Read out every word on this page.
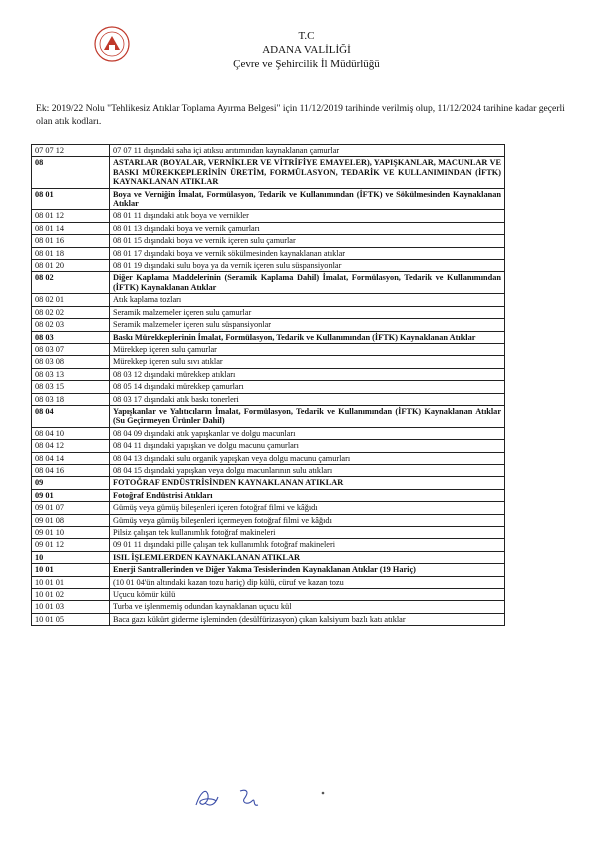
T.C
ADANA VALİLİĞİ
Çevre ve Şehircilik İl Müdürlüğü
Ek: 2019/22 Nolu "Tehlikesiz Atıklar Toplama Ayırma Belgesi" için 11/12/2019 tarihinde verilmiş olup, 11/12/2024 tarihine kadar geçerli olan atık kodları.
07 07 12	07 07 11 dışındaki saha içi atıksu arıtımından kaynaklanan çamurlar
08	ASTARLAR (BOYALAR, VERNİKLER VE VİTRİFİYE EMAYELER), YAPIŞKANLAR, MACUNLAR VE BASKI MÜREKKEPLERİNİN ÜRETİM, FORMÜLASYON, TEDARİK VE KULLANIMINDAN (İFTK) KAYNAKLANAN ATIKLAR
08 01	Boya ve Verniğin İmalat, Formülasyon, Tedarik ve Kullanımından (İFTK) ve Sökülmesinden Kaynaklanan Atıklar
08 01 12	08 01 11 dışındaki atık boya ve vernikler
08 01 14	08 01 13 dışındaki boya ve vernik çamurları
08 01 16	08 01 15 dışındaki boya ve vernik içeren sulu çamurlar
08 01 18	08 01 17 dışındaki boya ve vernik sökülmesinden kaynaklanan atıklar
08 01 20	08 01 19 dışındaki sulu boya ya da vernik içeren sulu süspansiyonlar
08 02	Diğer Kaplama Maddelerinin (Seramik Kaplama Dahil) İmalat, Formülasyon, Tedarik ve Kullanımından (İFTK) Kaynaklanan Atıklar
08 02 01	Atık kaplama tozları
08 02 02	Seramik malzemeler içeren sulu çamurlar
08 02 03	Seramik malzemeler içeren sulu süspansiyonlar
08 03	Baskı Mürekkeplerinin İmalat, Formülasyon, Tedarik ve Kullanımından (İFTK) Kaynaklanan Atıklar
08 03 07	Mürekkep içeren sulu çamurlar
08 03 08	Mürekkep içeren sulu sıvı atıklar
08 03 13	08 03 12 dışındaki mürekkep atıkları
08 03 15	08 05 14 dışındaki mürekkep çamurları
08 03 18	08 03 17 dışındaki atık baskı tonerleri
08 04	Yapışkanlar ve Yalıtıcıların İmalat, Formülasyon, Tedarik ve Kullanımından (İFTK) Kaynaklanan Atıklar (Su Geçirmeyen Ürünler Dahil)
08 04 10	08 04 09 dışındaki atık yapışkanlar ve dolgu macunları
08 04 12	08 04 11 dışındaki yapışkan ve dolgu macunu çamurları
08 04 14	08 04 13 dışındaki sulu organik yapışkan veya dolgu macunu çamurları
08 04 16	08 04 15 dışındaki yapışkan veya dolgu macunlarının sulu atıkları
09	FOTOĞRAF ENDÜSTRİSİNDEN KAYNAKLANAN ATIKLAR
09 01	Fotoğraf Endüstrisi Atıkları
09 01 07	Gümüş veya gümüş bileşenleri içeren fotoğraf filmi ve kâğıdı
09 01 08	Gümüş veya gümüş bileşenleri içermeyen fotoğraf filmi ve kâğıdı
09 01 10	Pilsiz çalışan tek kullanımlık fotoğraf makineleri
09 01 12	09 01 11 dışındaki pille çalışan tek kullanımlık fotoğraf makineleri
10	ISIL İŞLEMLERDEN KAYNAKLANAN ATIKLAR
10 01	Enerji Santrallerinden ve Diğer Yakma Tesislerinden Kaynaklanan Atıklar (19 Hariç)
10 01 01	(10 01 04'ün altındaki kazan tozu hariç) dip külü, cüruf ve kazan tozu
10 01 02	Uçucu kömür külü
10 01 03	Turba ve işlenmemiş odundan kaynaklanan uçucu kül
10 01 05	Baca gazı kükürt giderme işleminden (desülfürizasyon) çıkan kalsiyum bazlı katı atıklar
